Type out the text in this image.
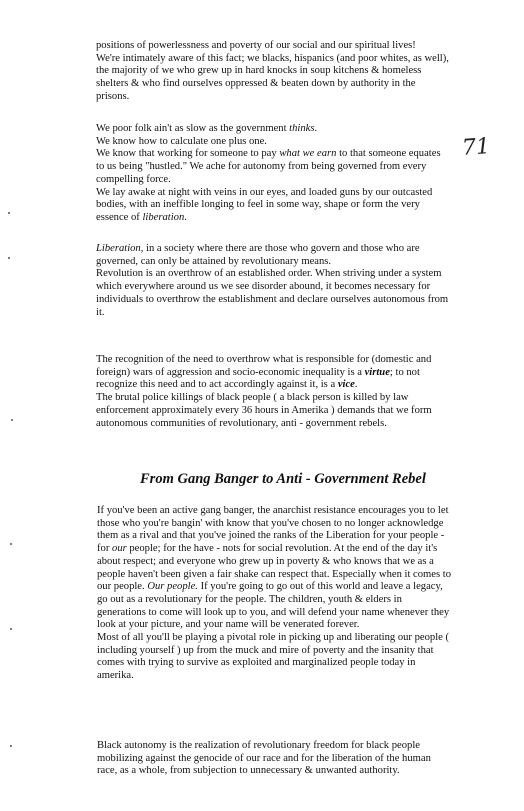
positions of powerlessness and poverty of our social and our spiritual lives!
We're intimately aware of this fact; we blacks, hispanics (and poor whites, as well),
the majority of we who grew up in hard knocks in soup kitchens & homeless
shelters & who find ourselves oppressed & beaten down by authority in the
prisons.
71
We poor folk ain't as slow as the government thinks.
We know how to calculate one plus one.
We know that working for someone to pay what we earn to that someone equates
to us being "hustled." We ache for autonomy from being governed from every
compelling force.
We lay awake at night with veins in our eyes, and loaded guns by our outcasted
bodies, with an ineffible longing to feel in some way, shape or form the very
essence of liberation.
Liberation, in a society where there are those who govern and those who are
governed, can only be attained by revolutionary means.
Revolution is an overthrow of an established order. When striving under a system
which everywhere around us we see disorder abound, it becomes necessary for
individuals to overthrow the establishment and declare ourselves autonomous from
it.
The recognition of the need to overthrow what is responsible for (domestic and
foreign) wars of aggression and socio-economic inequality is a virtue; to not
recognize this need and to act accordingly against it, is a vice.
The brutal police killings of black people ( a black person is killed by law
enforcement approximately every 36 hours in Amerika ) demands that we form
autonomous communities of revolutionary, anti - government rebels.
From Gang Banger to Anti - Government Rebel
If you've been an active gang banger, the anarchist resistance encourages you to let
those who you're bangin' with know that you've chosen to no longer acknowledge
them as a rival and that you've joined the ranks of the Liberation for your people -
for our people; for the have - nots for social revolution. At the end of the day it's
about respect; and everyone who grew up in poverty & who knows that we as a
people haven't been given a fair shake can respect that. Especially when it comes to
our people. Our people. If you're going to go out of this world and leave a legacy,
go out as a revolutionary for the people. The children, youth & elders in
generations to come will look up to you, and will defend your name whenever they
look at your picture, and your name will be venerated forever.
Most of all you'll be playing a pivotal role in picking up and liberating our people (
including yourself ) up from the muck and mire of poverty and the insanity that
comes with trying to survive as exploited and marginalized people today in
amerika.
Black autonomy is the realization of revolutionary freedom for black people
mobilizing against the genocide of our race and for the liberation of the human
race, as a whole, from subjection to unnecessary & unwanted authority.
